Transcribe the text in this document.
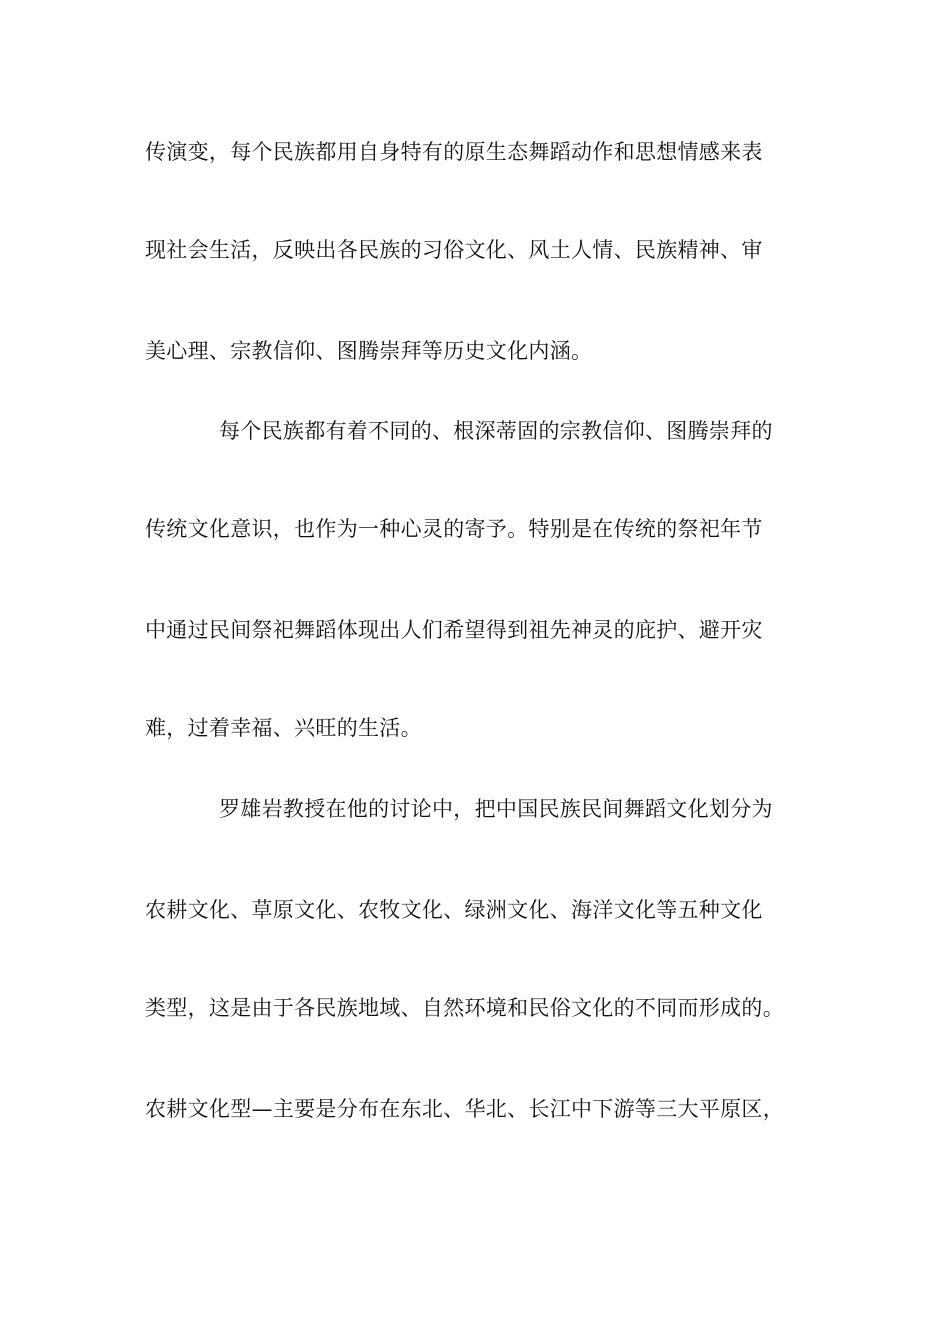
传演变，每个民族都用自身特有的原生态舞蹈动作和思想情感来表

现社会生活，反映出各民族的习俗文化、风土人情、民族精神、审

美心理、宗教信仰、图腾崇拜等历史文化内涵。

每个民族都有着不同的、根深蒂固的宗教信仰、图腾崇拜的

传统文化意识，也作为一种心灵的寄予。特别是在传统的祭祀年节

中通过民间祭祀舞蹈体现出人们希望得到祖先神灵的庇护、避开灾

难，过着幸福、兴旺的生活。

罗雄岩教授在他的讨论中，把中国民族民间舞蹈文化划分为

农耕文化、草原文化、农牧文化、绿洲文化、海洋文化等五种文化

类型，这是由于各民族地域、自然环境和民俗文化的不同而形成的。

农耕文化型—主要是分布在东北、华北、长江中下游等三大平原区，
